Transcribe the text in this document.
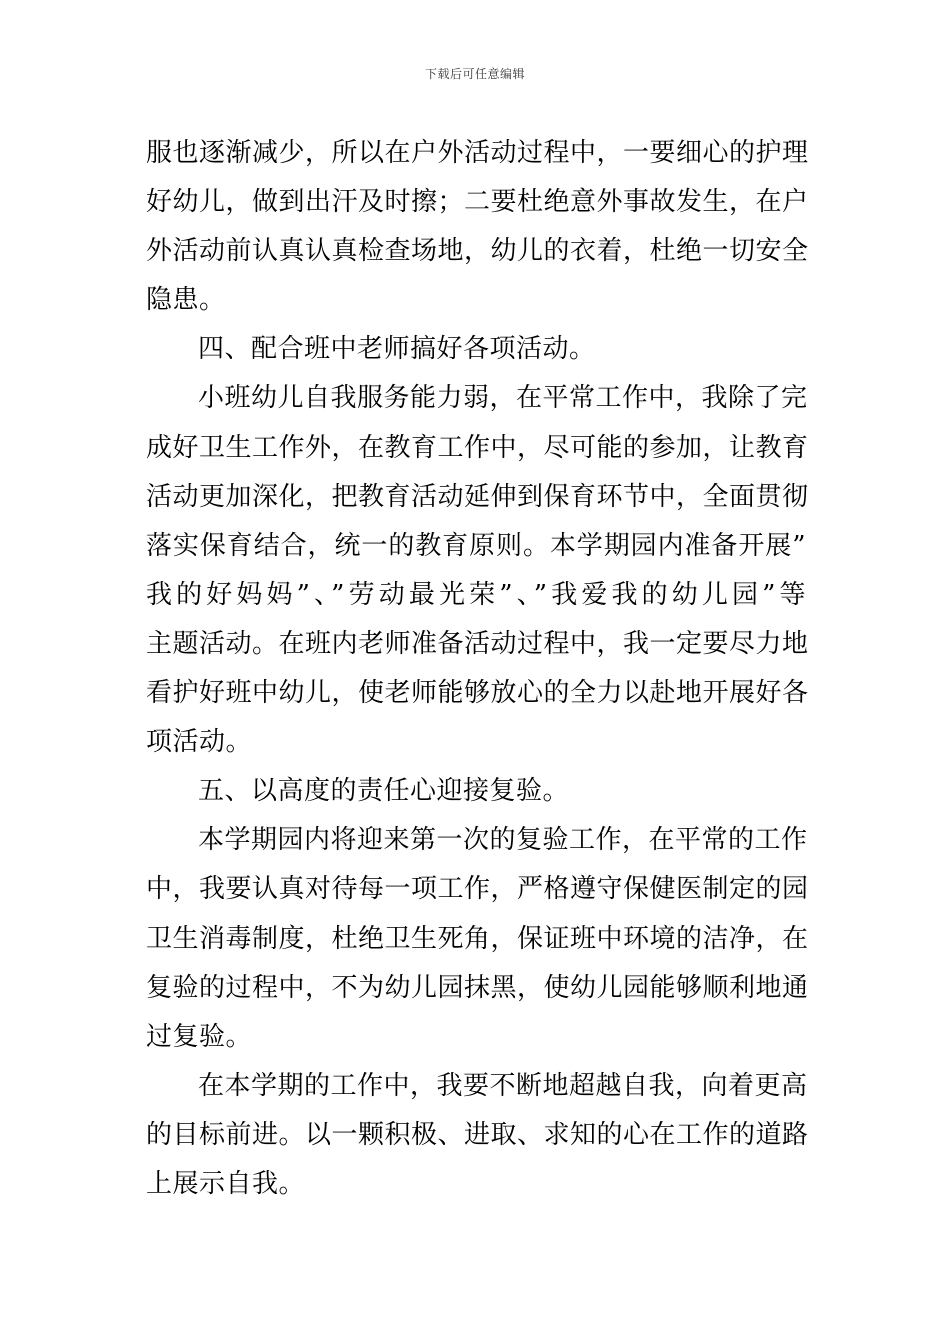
下载后可任意编辑
服也逐渐减少，所以在户外活动过程中，一要细心的护理
好幼儿，做到出汗及时擦；二要杜绝意外事故发生，在户
外活动前认真认真检查场地，幼儿的衣着，杜绝一切安全
隐患。
四、配合班中老师搞好各项活动。
小班幼儿自我服务能力弱，在平常工作中，我除了完
成好卫生工作外，在教育工作中，尽可能的参加，让教育
活动更加深化，把教育活动延伸到保育环节中，全面贯彻
落实保育结合，统一的教育原则。本学期园内准备开展”
我的好妈妈”、”劳动最光荣”、”我爱我的幼儿园”等
主题活动。在班内老师准备活动过程中，我一定要尽力地
看护好班中幼儿，使老师能够放心的全力以赴地开展好各
项活动。
五、以高度的责任心迎接复验。
本学期园内将迎来第一次的复验工作，在平常的工作
中，我要认真对待每一项工作，严格遵守保健医制定的园
卫生消毒制度，杜绝卫生死角，保证班中环境的洁净，在
复验的过程中，不为幼儿园抹黑，使幼儿园能够顺利地通
过复验。
在本学期的工作中，我要不断地超越自我，向着更高
的目标前进。以一颗积极、进取、求知的心在工作的道路
上展示自我。
